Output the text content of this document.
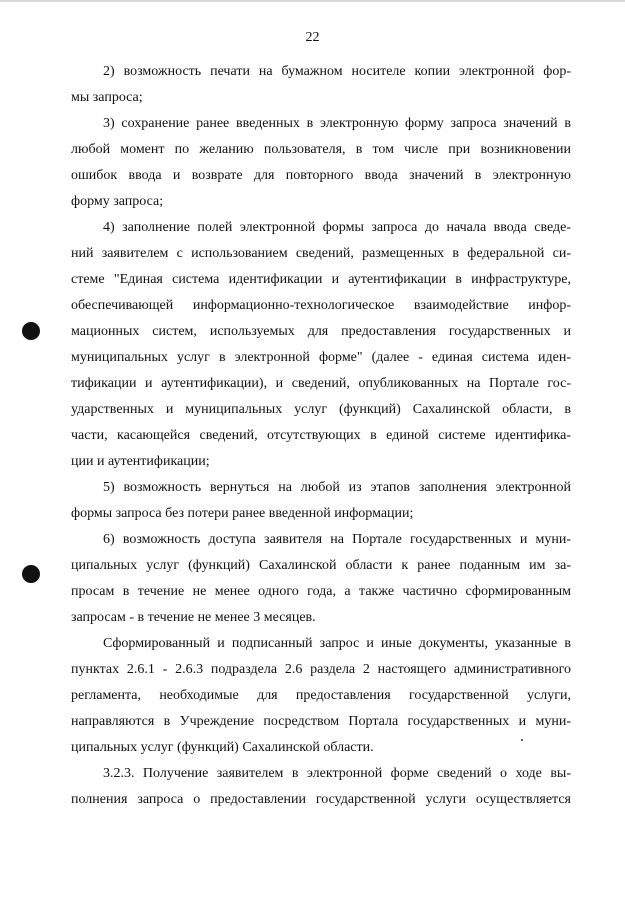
22
2) возможность печати на бумажном носителе копии электронной фор-
мы запроса;
3) сохранение ранее введенных в электронную форму запроса значений в
любой момент по желанию пользователя, в том числе при возникновении
ошибок ввода и возврате для повторного ввода значений в электронную
форму запроса;
4) заполнение полей электронной формы запроса до начала ввода сведе-
ний заявителем с использованием сведений, размещенных в федеральной си-
стеме "Единая система идентификации и аутентификации в инфраструктуре,
обеспечивающей информационно-технологическое взаимодействие инфор-
мационных систем, используемых для предоставления государственных и
муниципальных услуг в электронной форме" (далее - единая система иден-
тификации и аутентификации), и сведений, опубликованных на Портале гос-
ударственных и муниципальных услуг (функций) Сахалинской области, в
части, касающейся сведений, отсутствующих в единой системе идентифика-
ции и аутентификации;
5) возможность вернуться на любой из этапов заполнения электронной
формы запроса без потери ранее введенной информации;
6) возможность доступа заявителя на Портале государственных и муни-
ципальных услуг (функций) Сахалинской области к ранее поданным им за-
просам в течение не менее одного года, а также частично сформированным
запросам - в течение не менее 3 месяцев.
Сформированный и подписанный запрос и иные документы, указанные в
пунктах 2.6.1 - 2.6.3 подраздела 2.6 раздела 2 настоящего административного
регламента, необходимые для предоставления государственной услуги,
направляются в Учреждение посредством Портала государственных и муни-
ципальных услуг (функций) Сахалинской области.
3.2.3. Получение заявителем в электронной форме сведений о ходе вы-
полнения запроса о предоставлении государственной услуги осуществляется
